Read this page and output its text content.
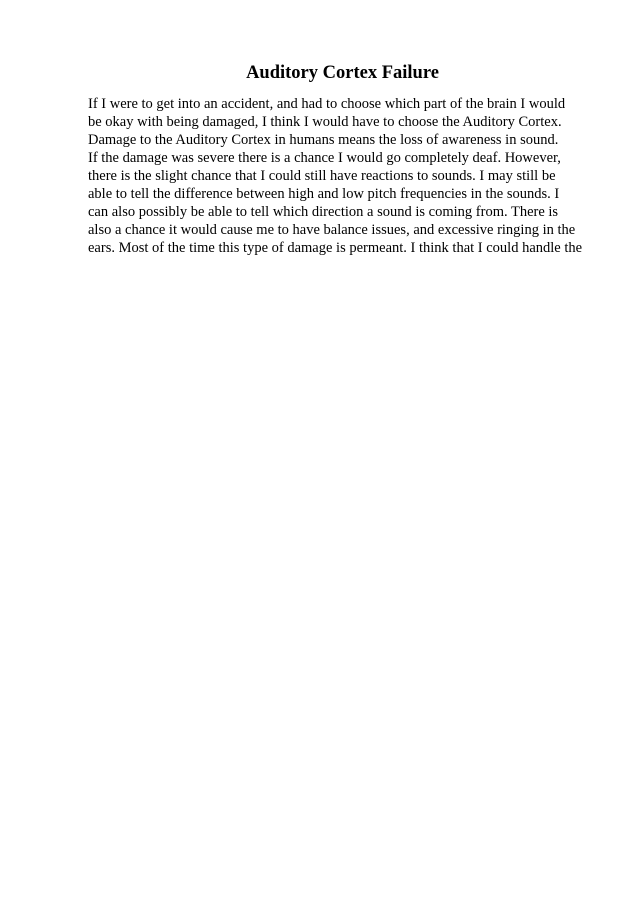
Auditory Cortex Failure
If I were to get into an accident, and had to choose which part of the brain I would
be okay with being damaged, I think I would have to choose the Auditory Cortex.
Damage to the Auditory Cortex in humans means the loss of awareness in sound.
If the damage was severe there is a chance I would go completely deaf. However,
there is the slight chance that I could still have reactions to sounds. I may still be
able to tell the difference between high and low pitch frequencies in the sounds. I
can also possibly be able to tell which direction a sound is coming from. There is
also a chance it would cause me to have balance issues, and excessive ringing in the
ears. Most of the time this type of damage is permeant. I think that I could handle the
